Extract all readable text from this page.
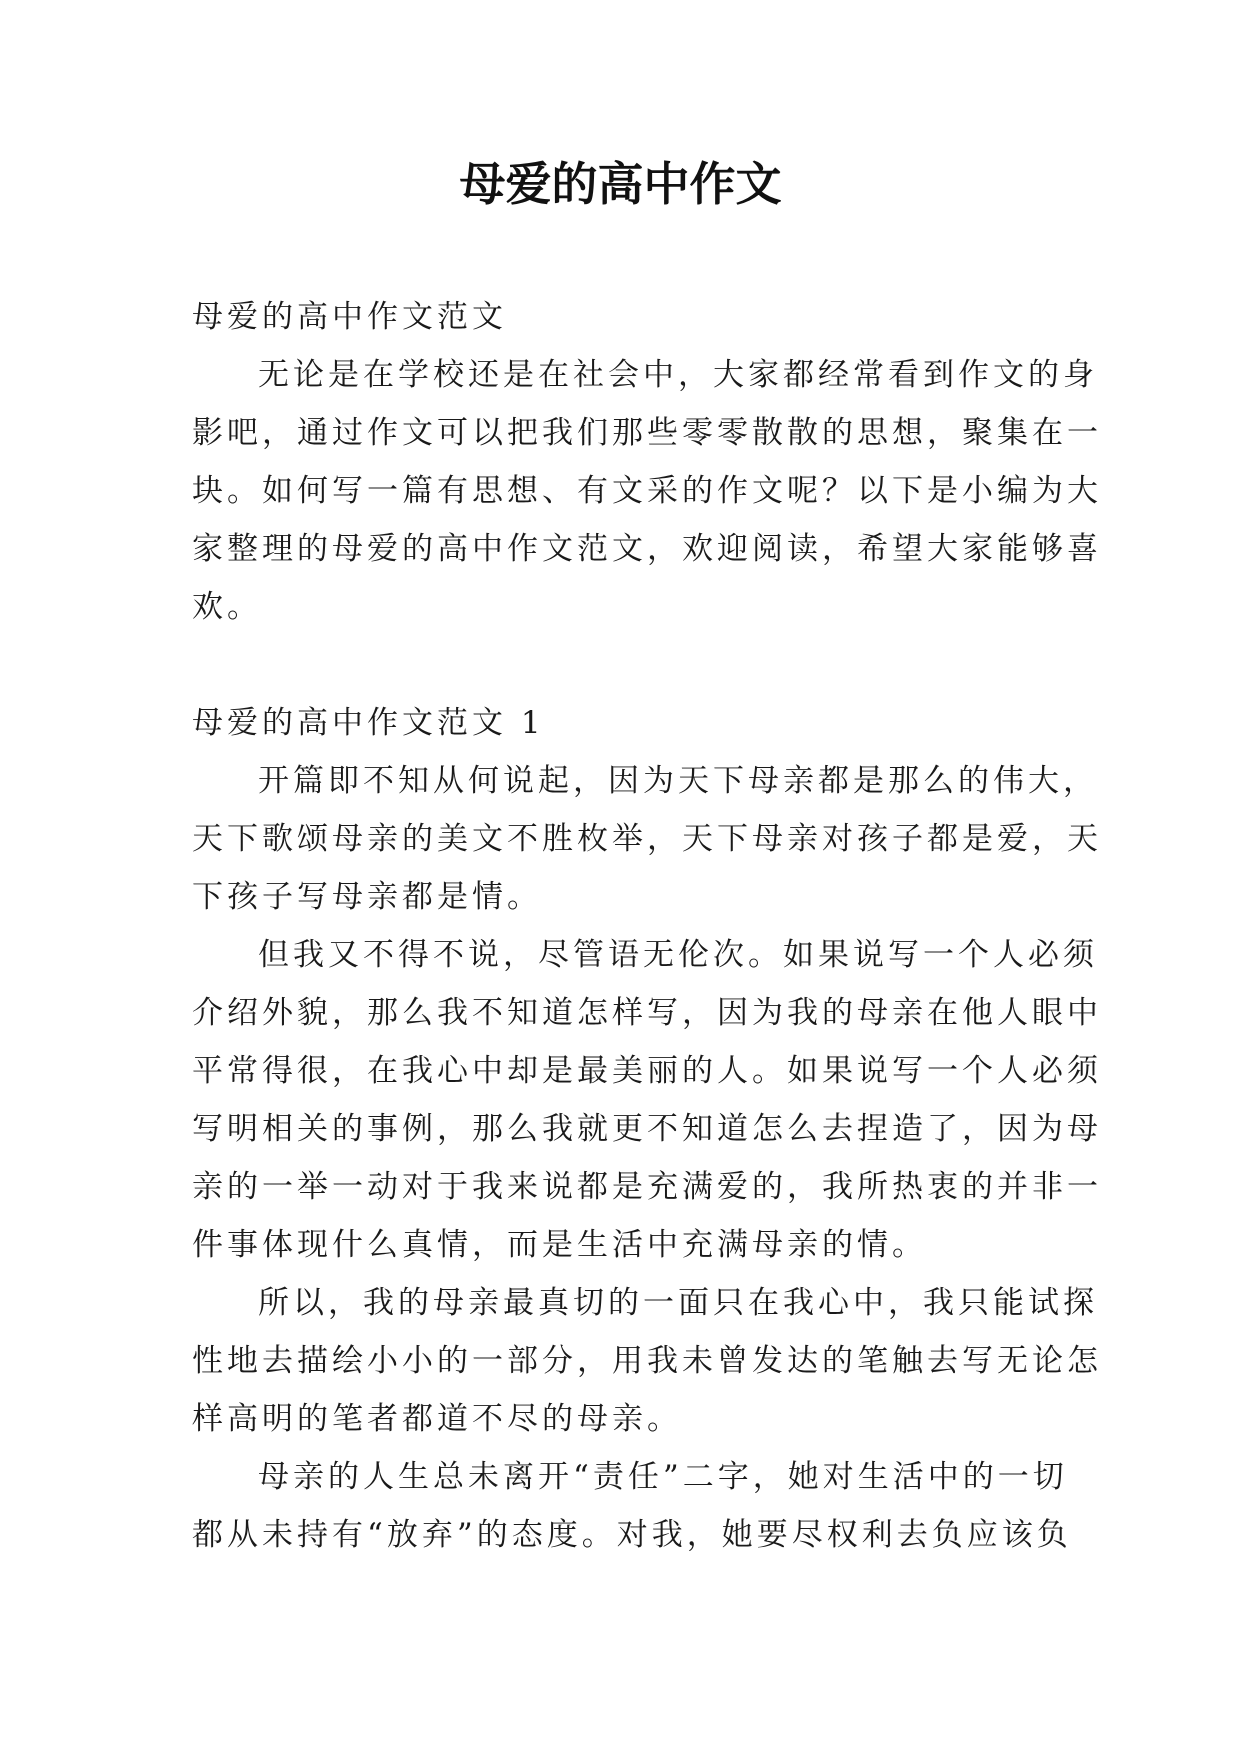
母爱的高中作文
母爱的高中作文范文
无论是在学校还是在社会中，大家都经常看到作文的身
影吧，通过作文可以把我们那些零零散散的思想，聚集在一
块。如何写一篇有思想、有文采的作文呢？以下是小编为大
家整理的母爱的高中作文范文，欢迎阅读，希望大家能够喜
欢。
母爱的高中作文范文 1
开篇即不知从何说起，因为天下母亲都是那么的伟大，
天下歌颂母亲的美文不胜枚举，天下母亲对孩子都是爱，天
下孩子写母亲都是情。
但我又不得不说，尽管语无伦次。如果说写一个人必须
介绍外貌，那么我不知道怎样写，因为我的母亲在他人眼中
平常得很，在我心中却是最美丽的人。如果说写一个人必须
写明相关的事例，那么我就更不知道怎么去捏造了，因为母
亲的一举一动对于我来说都是充满爱的，我所热衷的并非一
件事体现什么真情，而是生活中充满母亲的情。
所以，我的母亲最真切的一面只在我心中，我只能试探
性地去描绘小小的一部分，用我未曾发达的笔触去写无论怎
样高明的笔者都道不尽的母亲。
母亲的人生总未离开“责任”二字，她对生活中的一切
都从未持有“放弃”的态度。对我，她要尽权利去负应该负
